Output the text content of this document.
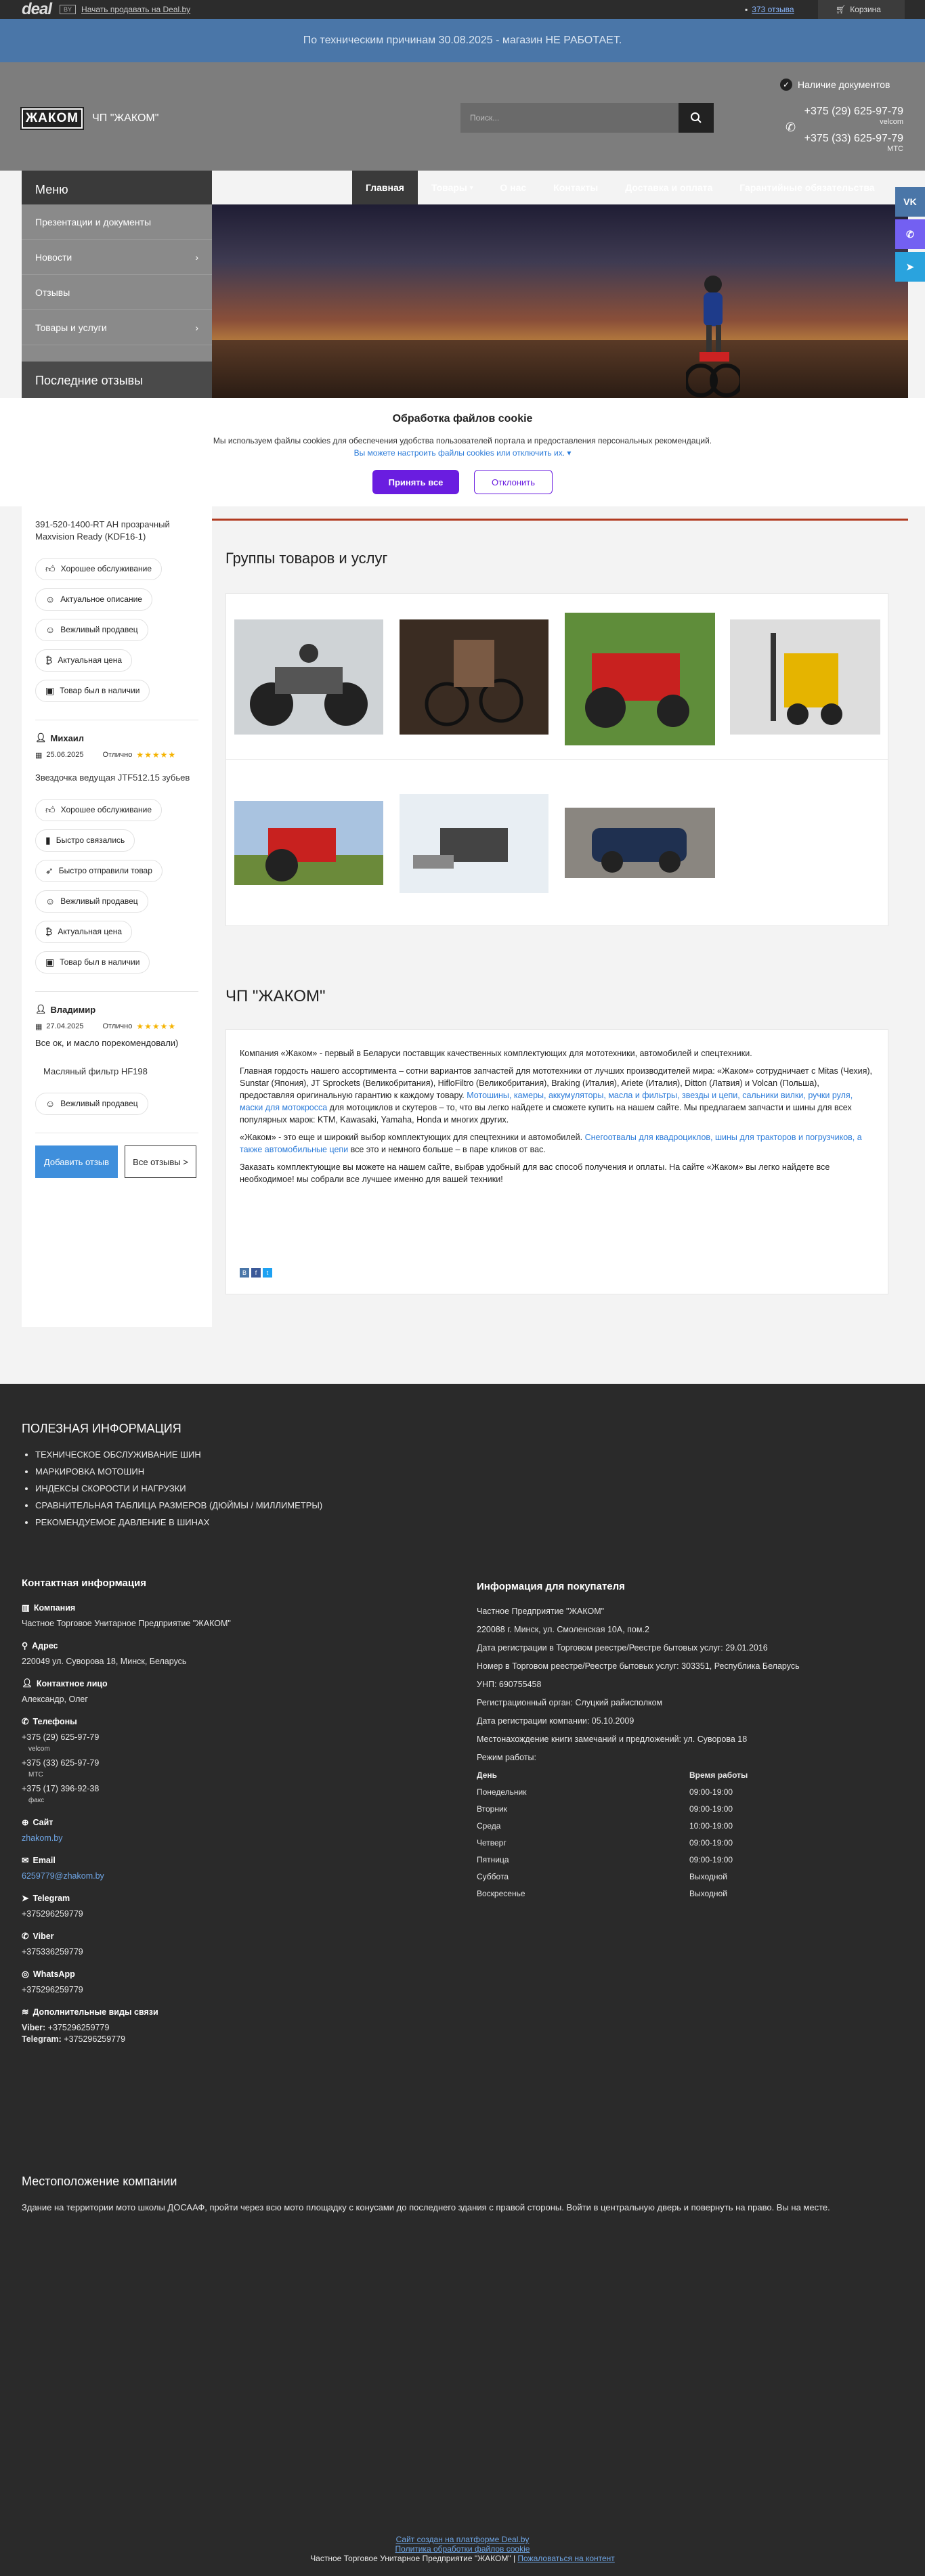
deal	BY	Начать продавать на Deal.by	▪ 373 отзыва	🛒︎ Корзина
По техническим причинам 30.08.2025 - магазин НЕ РАБОТАЕТ.
ЖАКОМ	ЧП "ЖАКОМ"
Поиск...
✓ Наличие документов
+375 (29) 625-97-79
velcom
✆
+375 (33) 625-97-79
МТС
Главная	Товары ▾	О нас	Контакты	Доставка и оплата	Гарантийные обязательства
Меню
Презентации и документы
Новости	›
Отзывы
Товары и услуги	›
Последние отзывы
VK
✆
➤
Обработка файлов cookie
Мы используем файлы cookies для обеспечения удобства пользователей портала и предоставления персональных рекомендаций.
Вы можете настроить файлы cookies или отключить их. ▾
Принять все	Отклонить
391-520-1400-RT AH прозрачный Maxvision Ready (KDF16-1)
👍︎ Хорошее обслуживание
☺ Актуальное описание
☺ Вежливый продавец
₿ Актуальная цена
▣ Товар был в наличии
👤︎ Михаил
▦ 25.06.2025	Отлично ★★★★★
Звездочка ведущая JTF512.15 зубьев
👍︎ Хорошее обслуживание
▮ Быстро связались
➶ Быстро отправили товар
☺ Вежливый продавец
₿ Актуальная цена
▣ Товар был в наличии
👤︎ Владимир
▦ 27.04.2025	Отлично ★★★★★
Все ок, и масло порекомендовали)
Масляный фильтр HF198
☺ Вежливый продавец
Добавить отзыв	Все отзывы >
Группы товаров и услуг
ЧП "ЖАКОМ"

Компания «Жаком» - первый в Беларуси поставщик качественных комплектующих для мототехники, автомобилей и спецтехники.

Главная гордость нашего ассортимента – сотни вариантов запчастей для мототехники от лучших производителей мира: «Жаком» сотрудничает с Mitas (Чехия), Sunstar (Япония), JT Sprockets (Великобритания), HifloFiltro (Великобритания), Braking (Италия), Ariete (Италия), Ditton (Латвия) и Volcan (Польша), предоставляя оригинальную гарантию к каждому товару. Мотошины, камеры, аккумуляторы, масла и фильтры, звезды и цепи, сальники вилки, ручки руля, маски для мотокросса для мотоциклов и скутеров – то, что вы легко найдете и сможете купить на нашем сайте. Мы предлагаем запчасти и шины для всех популярных марок: KTM, Kawasaki, Yamaha, Honda и многих других.

«Жаком» - это еще и широкий выбор комплектующих для спецтехники и автомобилей. Снегоотвалы для квадроциклов, шины для тракторов и погрузчиков, а также автомобильные цепи все это и немного больше – в паре кликов от вас.

Заказать комплектующие вы можете на нашем сайте, выбрав удобный для вас способ получения и оплаты. На сайте «Жаком» вы легко найдете все необходимое! мы собрали все лучшее именно для вашей техники!

В	f	t
ПОЛЕЗНАЯ ИНФОРМАЦИЯ
• ТЕХНИЧЕСКОЕ ОБСЛУЖИВАНИЕ ШИН
• МАРКИРОВКА МОТОШИН
• ИНДЕКСЫ СКОРОСТИ И НАГРУЗКИ
• СРАВНИТЕЛЬНАЯ ТАБЛИЦА РАЗМЕРОВ (ДЮЙМЫ / МИЛЛИМЕТРЫ)
• РЕКОМЕНДУЕМОЕ ДАВЛЕНИЕ В ШИНАХ
Контактная информация
▥ Компания
Частное Торговое Унитарное Предприятие "ЖАКОМ"
⚲ Адрес
220049 ул. Суворова 18, Минск, Беларусь
👤︎ Контактное лицо
Александр, Олег
✆ Телефоны
+375 (29) 625-97-79
velcom
+375 (33) 625-97-79
МТС
+375 (17) 396-92-38
факс
⊕ Сайт
zhakom.by
✉ Email
6259779@zhakom.by
➤ Telegram
+375296259779
✆ Viber
+375336259779
◎ WhatsApp
+375296259779
≋ Дополнительные виды связи
Viber: +375296259779
Telegram: +375296259779
Информация для покупателя
Частное Предприятие "ЖАКОМ"
220088 г. Минск, ул. Смоленская 10А, пом.2
Дата регистрации в Торговом реестре/Реестре бытовых услуг: 29.01.2016
Номер в Торговом реестре/Реестре бытовых услуг: 303351, Республика Беларусь
УНП: 690755458
Регистрационный орган: Слуцкий райисполком
Дата регистрации компании: 05.10.2009
Местонахождение книги замечаний и предложений: ул. Суворова 18
Режим работы:
День	Время работы
Понедельник	09:00-19:00
Вторник	09:00-19:00
Среда	10:00-19:00
Четверг	09:00-19:00
Пятница	09:00-19:00
Суббота	Выходной
Воскресенье	Выходной
Местоположение компании
Здание на территории мото школы ДОСААФ, пройти через всю мото площадку с конусами до последнего здания с правой стороны. Войти в центральную дверь и повернуть на право. Вы на месте.
Сайт создан на платформе Deal.by
Политика обработки файлов cookie
Частное Торговое Унитарное Предприятие "ЖАКОМ" | Пожаловаться на контент
